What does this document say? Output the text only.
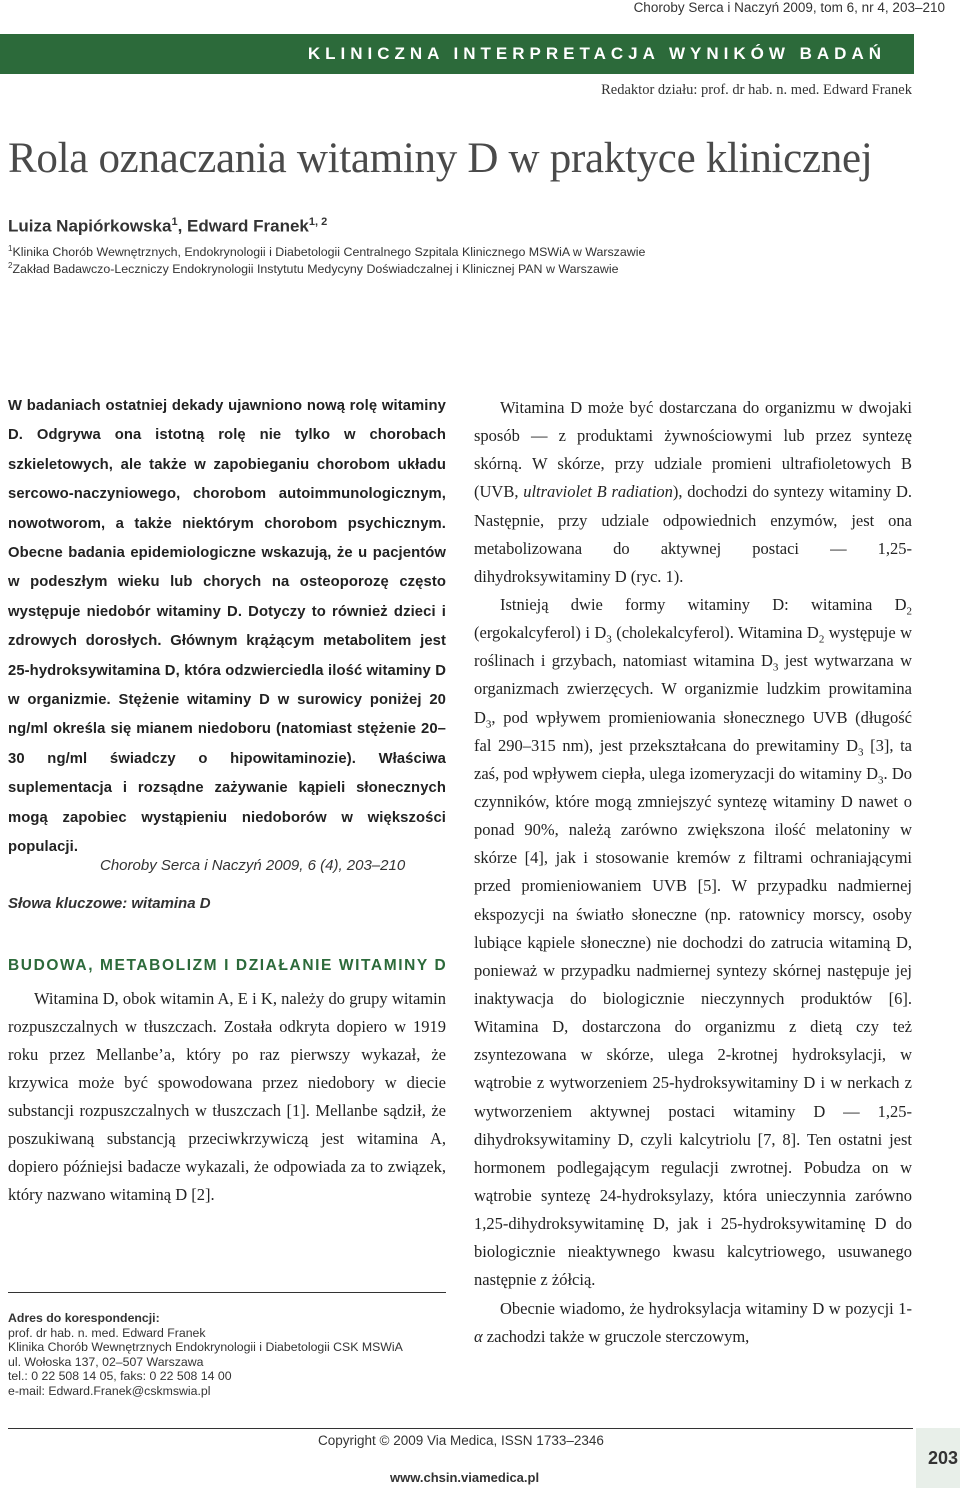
Choroby Serca i Naczyń 2009, tom 6, nr 4, 203–210
KLINICZNA INTERPRETACJA WYNIKÓW BADAŃ
Redaktor działu: prof. dr hab. n. med. Edward Franek
Rola oznaczania witaminy D w praktyce klinicznej
Luiza Napiórkowska$^1$, Edward Franek$^{1, 2}$
$^1$Klinika Chorób Wewnętrznych, Endokrynologii i Diabetologii Centralnego Szpitala Klinicznego MSWiA w Warszawie
$^2$Zakład Badawczo-Leczniczy Endokrynologii Instytutu Medycyny Doświadczalnej i Klinicznej PAN w Warszawie

W badaniach ostatniej dekady ujawniono nową rolę witaminy D. Odgrywa ona istotną rolę nie tylko w chorobach szkieletowych, ale także w zapobieganiu chorobom układu sercowo-naczyniowego, chorobom autoimmunologicznym, nowotworom, a także niektórym chorobom psychicznym. Obecne badania epidemiologiczne wskazują, że u pacjentów w podeszłym wieku lub chorych na osteoporozę często występuje niedobór witaminy D. Dotyczy to również dzieci i zdrowych dorosłych. Głównym krążącym metabolitem jest 25-hydroksywitamina D, która odzwierciedla ilość witaminy D w organizmie. Stężenie witaminy D w surowicy poniżej 20 ng/ml określa się mianem niedoboru (natomiast stężenie 20–30 ng/ml świadczy o hipowitaminozie). Właściwa suplementacja i rozsądne zażywanie kąpieli słonecznych mogą zapobiec wystąpieniu niedoborów w większości populacji.

Choroby Serca i Naczyń 2009, 6 (4), 203–210
Słowa kluczowe: witamina D
BUDOWA, METABOLIZM I DZIAŁANIE WITAMINY D

Witamina D, obok witamin A, E i K, należy do grupy witamin rozpuszczalnych w tłuszczach. Została odkryta dopiero w 1919 roku przez Mellanbe’a, który po raz pierwszy wykazał, że krzywica może być spowodowana przez niedobory w diecie substancji rozpuszczalnych w tłuszczach [1]. Mellanbe sądził, że poszukiwaną substancją przeciwkrzywiczą jest witamina A, dopiero późniejsi badacze wykazali, że odpowiada za to związek, który nazwano witaminą D [2].

Adres do korespondencji:
prof. dr hab. n. med. Edward Franek
Klinika Chorób Wewnętrznych Endokrynologii i Diabetologii CSK MSWiA
ul. Wołoska 137, 02–507 Warszawa
tel.: 0 22 508 14 05, faks: 0 22 508 14 00
e-mail: Edward.Franek@cskmswia.pl

Witamina D może być dostarczana do organizmu w dwojaki sposób — z produktami żywnościowymi lub przez syntezę skórną. W skórze, przy udziale promieni ultrafioletowych B (UVB, ultraviolet B radiation), dochodzi do syntezy witaminy D. Następnie, przy udziale odpowiednich enzymów, jest ona metabolizowana do aktywnej postaci — 1,25-dihydroksywitaminy D (ryc. 1).

Istnieją dwie formy witaminy D: witamina $D_2$ (ergokalcyferol) i $D_3$ (cholekalcyferol). Witamina $D_2$ występuje w roślinach i grzybach, natomiast witamina $D_3$ jest wytwarzana w organizmach zwierzęcych. W organizmie ludzkim prowitamina $D_3$, pod wpływem promieniowania słonecznego UVB (długość fal 290–315 nm), jest przekształcana do prewitaminy $D_3$ [3], ta zaś, pod wpływem ciepła, ulega izomeryzacji do witaminy $D_3$. Do czynników, które mogą zmniejszyć syntezę witaminy D nawet o ponad 90%, należą zarówno zwiększona ilość melatoniny w skórze [4], jak i stosowanie kremów z filtrami ochraniającymi przed promieniowaniem UVB [5]. W przypadku nadmiernej ekspozycji na światło słoneczne (np. ratownicy morscy, osoby lubiące kąpiele słoneczne) nie dochodzi do zatrucia witaminą D, ponieważ w przypadku nadmiernej syntezy skórnej następuje jej inaktywacja do biologicznie nieczynnych produktów [6]. Witamina D, dostarczona do organizmu z dietą czy też zsyntezowana w skórze, ulega 2-krotnej hydroksylacji, w wątrobie z wytworzeniem 25-hydroksywitaminy D i w nerkach z wytworzeniem aktywnej postaci witaminy D — 1,25-dihydroksywitaminy D, czyli kalcytriolu [7, 8]. Ten ostatni jest hormonem podlegającym regulacji zwrotnej. Pobudza on w wątrobie syntezę 24-hydroksylazy, która unieczynnia zarówno 1,25-dihydroksywitaminę D, jak i 25-hydroksywitaminę D do biologicznie nieaktywnego kwasu kalcytriowego, usuwanego następnie z żółcią.

Obecnie wiadomo, że hydroksylacja witaminy D w pozycji 1-α zachodzi także w gruczole sterczowym,

Copyright © 2009 Via Medica, ISSN 1733–2346
www.chsin.viamedica.pl
203
